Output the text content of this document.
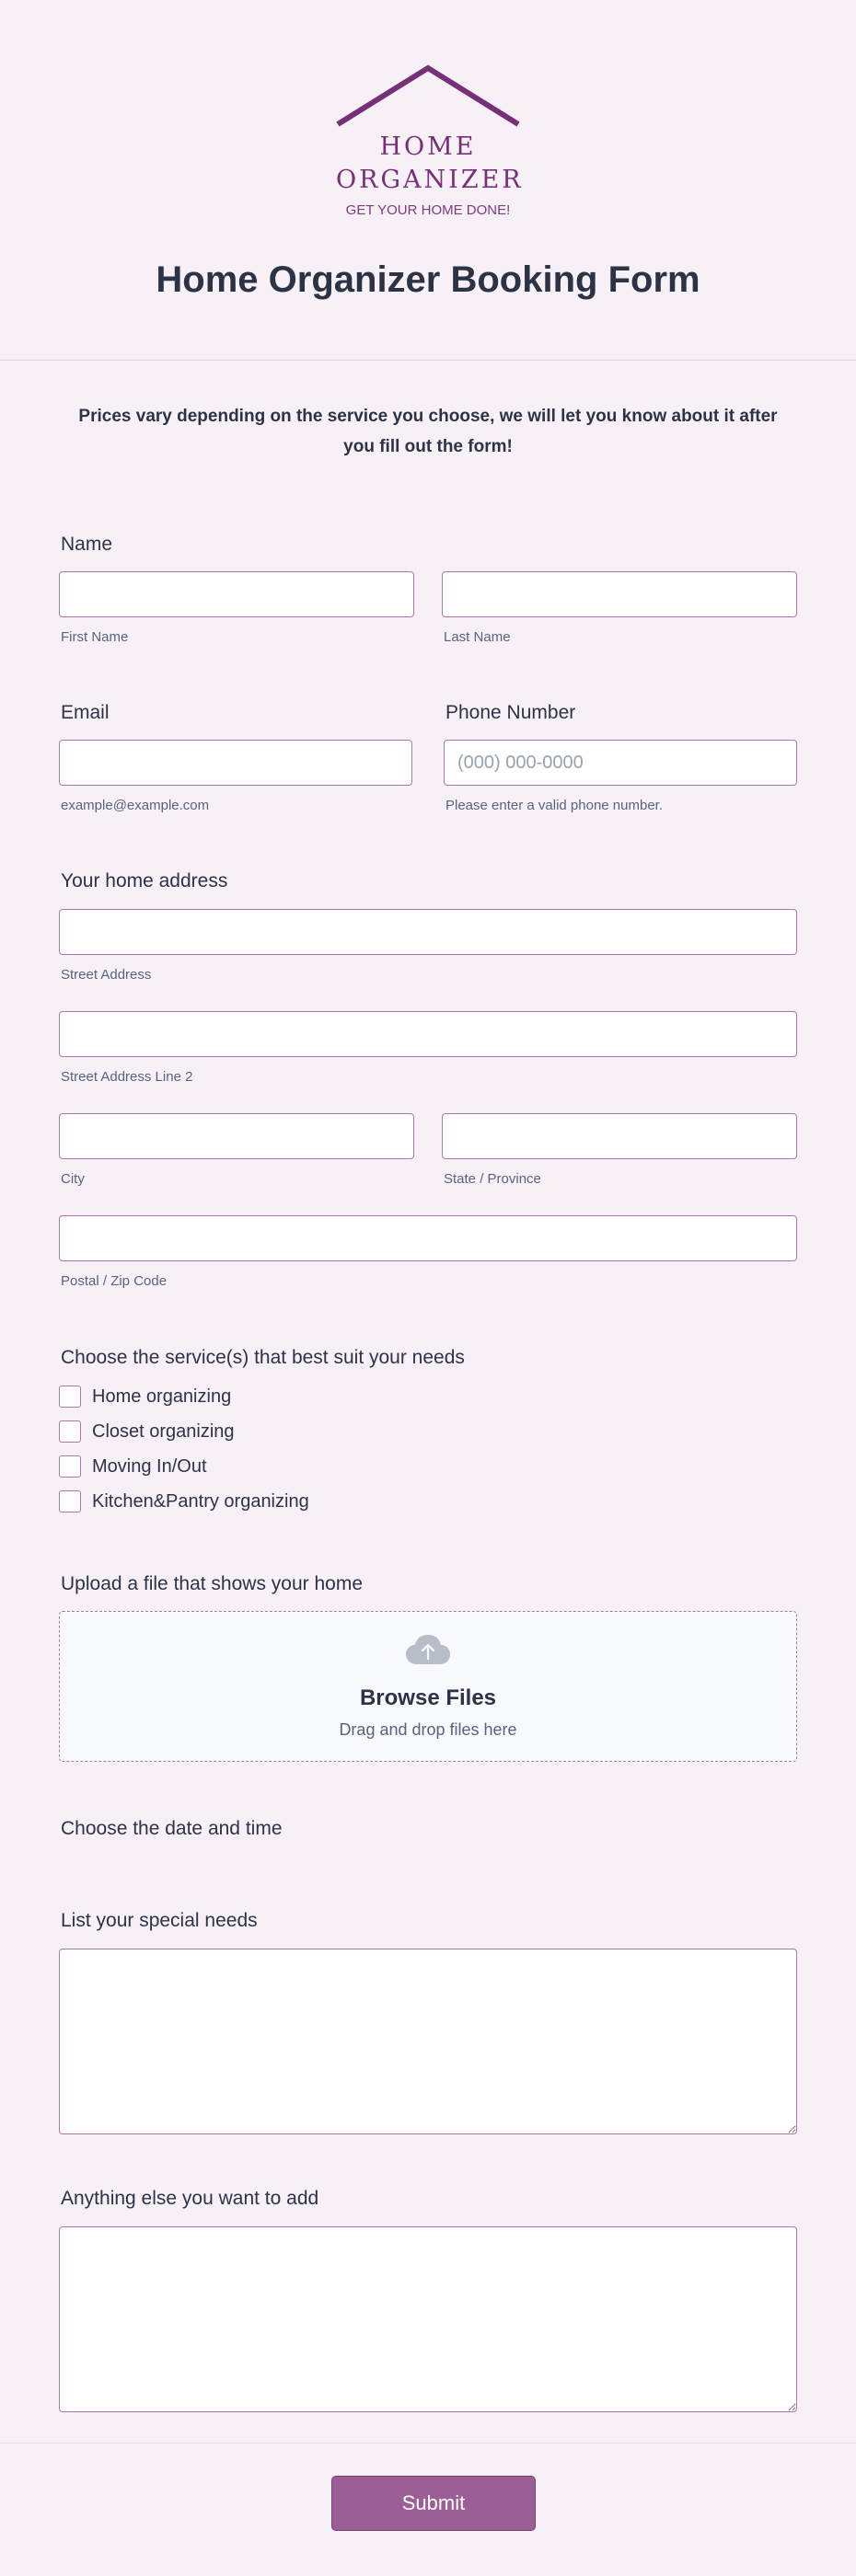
HOME
ORGANIZER
GET YOUR HOME DONE!
Home Organizer Booking Form

Prices vary depending on the service you choose, we will let you know about it after you fill out the form!

Name
First Name	Last Name
Email
example@example.com
Phone Number
(000) 000-0000
Please enter a valid phone number.
Your home address
Street Address
Street Address Line 2
City	State / Province
Postal / Zip Code
Choose the service(s) that best suit your needs
Home organizing
Closet organizing
Moving In/Out
Kitchen&Pantry organizing
Upload a file that shows your home
Browse Files
Drag and drop files here
Choose the date and time
List your special needs
Anything else you want to add
Submit
